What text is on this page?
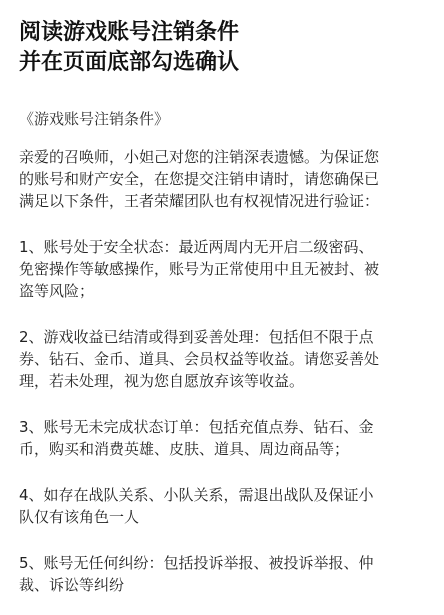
阅读游戏账号注销条件
并在页面底部勾选确认
《游戏账号注销条件》
亲爱的召唤师，小妲己对您的注销深表遗憾。为保证您
的账号和财产安全，在您提交注销申请时，请您确保已
满足以下条件，王者荣耀团队也有权视情况进行验证：
1、账号处于安全状态：最近两周内无开启二级密码、
免密操作等敏感操作，账号为正常使用中且无被封、被
盗等风险；
2、游戏收益已结清或得到妥善处理：包括但不限于点
券、钻石、金币、道具、会员权益等收益。请您妥善处
理，若未处理，视为您自愿放弃该等收益。
3、账号无未完成状态订单：包括充值点券、钻石、金
币，购买和消费英雄、皮肤、道具、周边商品等；
4、如存在战队关系、小队关系，需退出战队及保证小
队仅有该角色一人
5、账号无任何纠纷：包括投诉举报、被投诉举报、仲
裁、诉讼等纠纷
